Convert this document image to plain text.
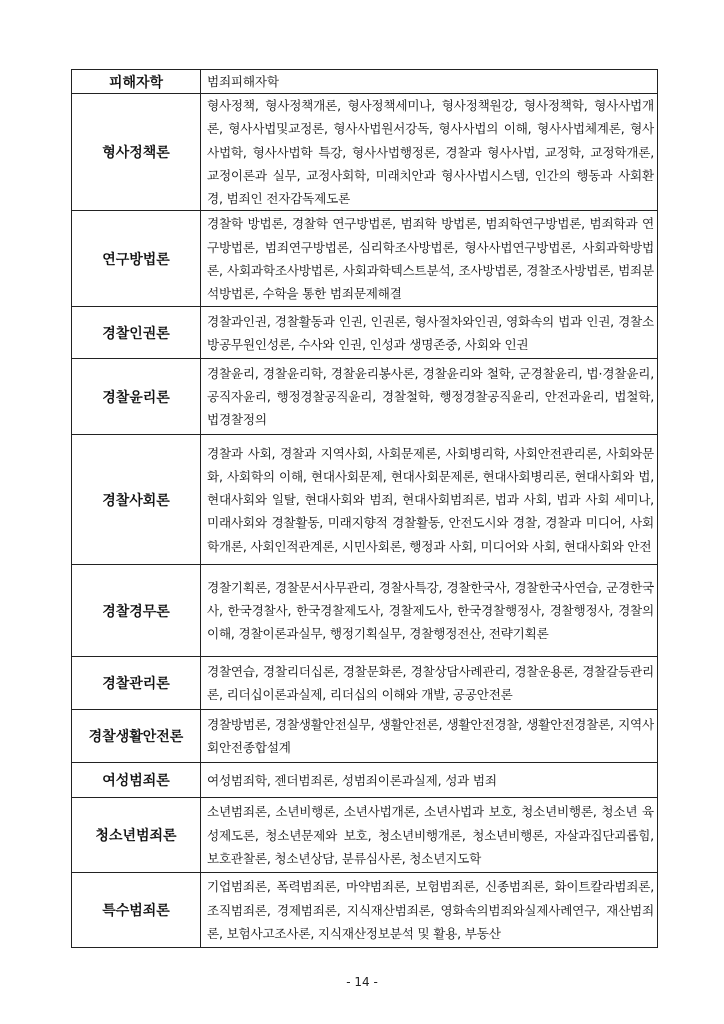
피해자학	범죄피해자학
형사정책론	형사정책, 형사정책개론, 형사정책세미나, 형사정책원강, 형사정책학, 형사사법개론, 형사사법및교정론, 형사사법원서강독, 형사사법의 이해, 형사사법체계론, 형사사법학, 형사사법학 특강, 형사사법행정론, 경찰과 형사사법, 교정학, 교정학개론, 교정이론과 실무, 교정사회학, 미래치안과 형사사법시스템, 인간의 행동과 사회환경, 범죄인 전자감독제도론
연구방법론	경찰학 방법론, 경찰학 연구방법론, 범죄학 방법론, 범죄학연구방법론, 범죄학과 연구방법론, 범죄연구방법론, 심리학조사방법론, 형사사법연구방법론, 사회과학방법론, 사회과학조사방법론, 사회과학텍스트분석, 조사방법론, 경찰조사방법론, 범죄분석방법론, 수학을 통한 범죄문제해결
경찰인권론	경찰과인권, 경찰활동과 인권, 인권론, 형사절차와인권, 영화속의 법과 인권, 경찰소방공무원인성론, 수사와 인권, 인성과 생명존중, 사회와 인권
경찰윤리론	경찰윤리, 경찰윤리학, 경찰윤리봉사론, 경찰윤리와 철학, 군경찰윤리, 법·경찰윤리, 공직자윤리, 행정경찰공직윤리, 경찰철학, 행정경찰공직윤리, 안전과윤리, 법철학, 법경찰정의
경찰사회론	경찰과 사회, 경찰과 지역사회, 사회문제론, 사회병리학, 사회안전관리론, 사회와문화, 사회학의 이해, 현대사회문제, 현대사회문제론, 현대사회병리론, 현대사회와 법, 현대사회와 일탈, 현대사회와 범죄, 현대사회범죄론, 법과 사회, 법과 사회 세미나, 미래사회와 경찰활동, 미래지향적 경찰활동, 안전도시와 경찰, 경찰과 미디어, 사회학개론, 사회인적관계론, 시민사회론, 행정과 사회, 미디어와 사회, 현대사회와 안전
경찰경무론	경찰기획론, 경찰문서사무관리, 경찰사특강, 경찰한국사, 경찰한국사연습, 군경한국사, 한국경찰사, 한국경찰제도사, 경찰제도사, 한국경찰행정사, 경찰행정사, 경찰의이해, 경찰이론과실무, 행정기획실무, 경찰행정전산, 전략기획론
경찰관리론	경찰연습, 경찰리더십론, 경찰문화론, 경찰상담사례관리, 경찰운용론, 경찰갈등관리론, 리더십이론과실제, 리더십의 이해와 개발, 공공안전론
경찰생활안전론	경찰방범론, 경찰생활안전실무, 생활안전론, 생활안전경찰, 생활안전경찰론, 지역사회안전종합설계
여성범죄론	여성범죄학, 젠더범죄론, 성범죄이론과실제, 성과 범죄
청소년범죄론	소년범죄론, 소년비행론, 소년사법개론, 소년사법과 보호, 청소년비행론, 청소년 육성제도론, 청소년문제와 보호, 청소년비행개론, 청소년비행론, 자살과집단괴롭힘, 보호관찰론, 청소년상담, 분류심사론, 청소년지도학
특수범죄론	기업범죄론, 폭력범죄론, 마약범죄론, 보험범죄론, 신종범죄론, 화이트칼라범죄론, 조직범죄론, 경제범죄론, 지식재산범죄론, 영화속의범죄와실제사례연구, 재산범죄론, 보험사고조사론, 지식재산정보분석 및 활용, 부동산
- 14 -
